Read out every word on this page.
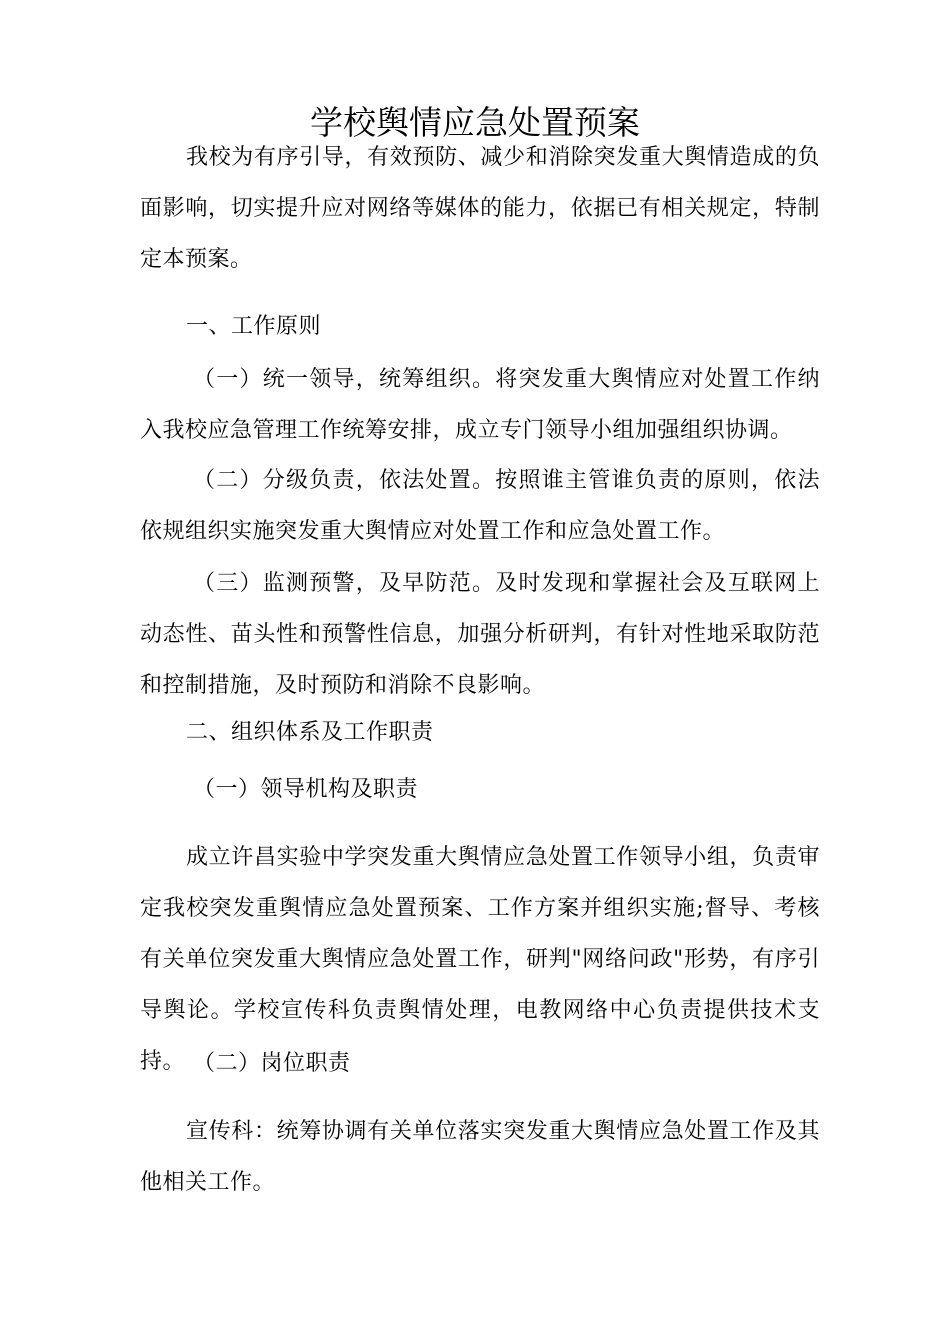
学校舆情应急处置预案

我校为有序引导，有效预防、减少和消除突发重大舆情造成的负面影响，切实提升应对网络等媒体的能力，依据已有相关规定，特制定本预案。

一、工作原则

（一）统一领导，统筹组织。将突发重大舆情应对处置工作纳入我校应急管理工作统筹安排，成立专门领导小组加强组织协调。

（二）分级负责，依法处置。按照谁主管谁负责的原则，依法依规组织实施突发重大舆情应对处置工作和应急处置工作。

（三）监测预警，及早防范。及时发现和掌握社会及互联网上动态性、苗头性和预警性信息，加强分析研判，有针对性地采取防范和控制措施，及时预防和消除不良影响。

二、组织体系及工作职责

（一）领导机构及职责

成立许昌实验中学突发重大舆情应急处置工作领导小组，负责审定我校突发重舆情应急处置预案、工作方案并组织实施;督导、考核有关单位突发重大舆情应急处置工作，研判"网络问政"形势，有序引导舆论。学校宣传科负责舆情处理，电教网络中心负责提供技术支持。 （二）岗位职责

宣传科：统筹协调有关单位落实突发重大舆情应急处置工作及其他相关工作。
